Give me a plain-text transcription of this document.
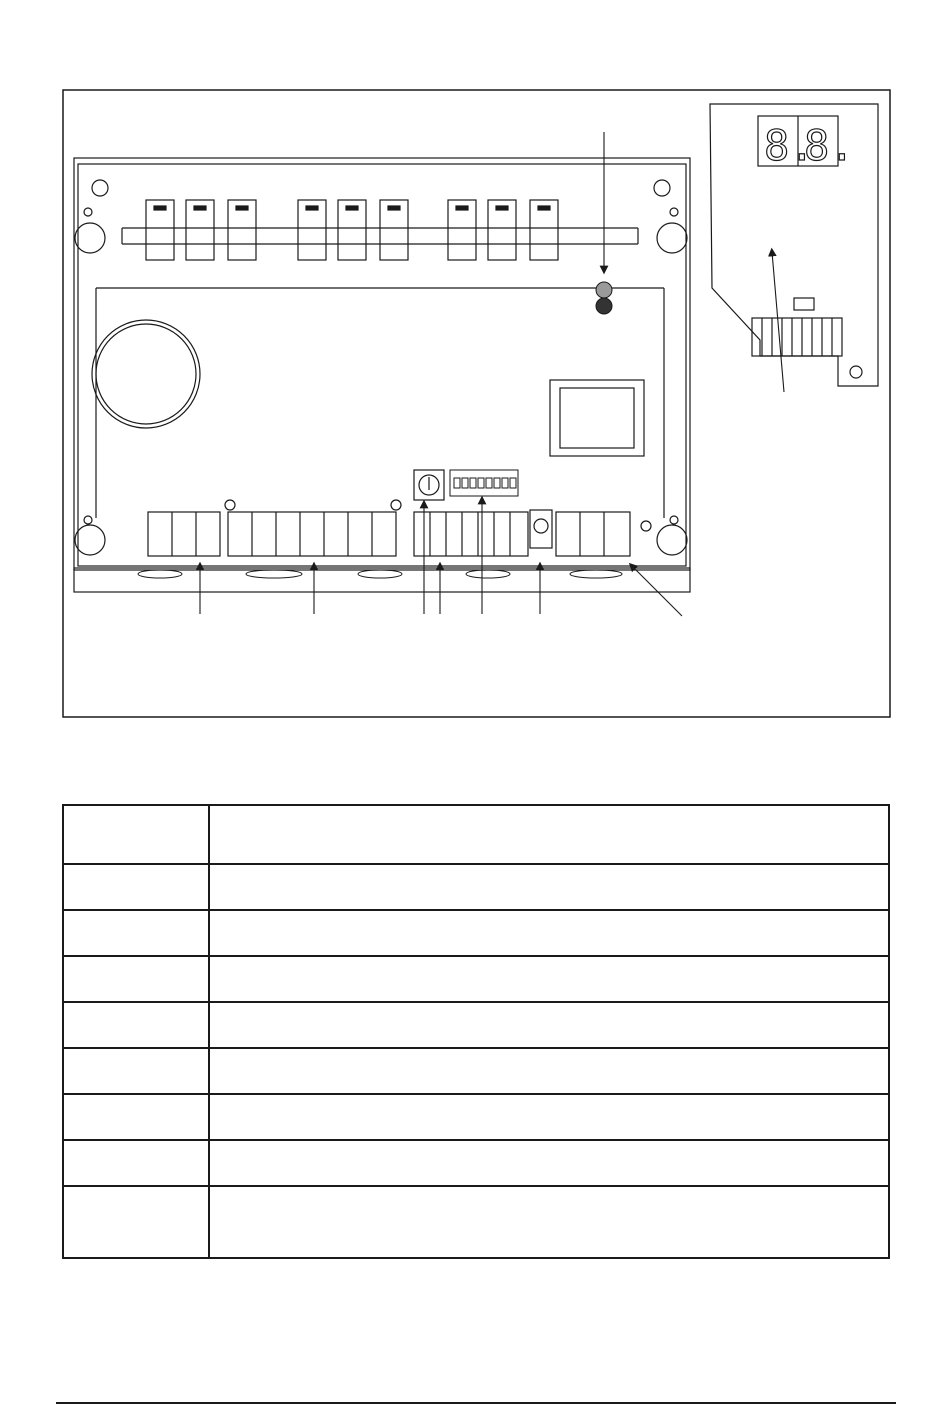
8.
8.
